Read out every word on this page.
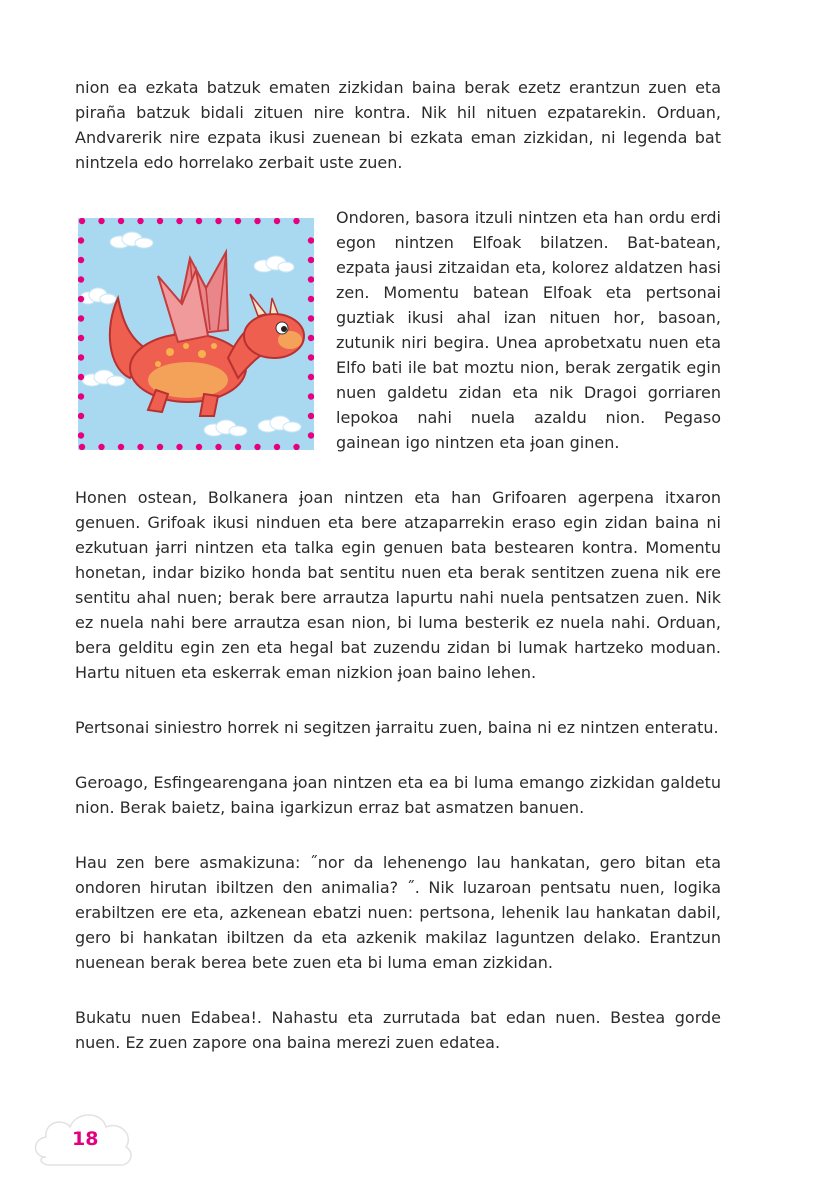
nion ea ezkata batzuk ematen zizkidan baina berak ezetz erantzun zuen eta piraña batzuk bidali zituen nire kontra. Nik hil nituen ezpatarekin. Orduan, Andvarerik nire ezpata ikusi zuenean bi ezkata eman zizkidan, ni legenda bat nintzela edo horrelako zerbait uste zuen.

Ondoren, basora itzuli nintzen eta han ordu erdi egon nintzen Elfoak bilatzen. Bat-batean, ezpata ɉausi zitzaidan eta, kolorez aldatzen hasi zen. Momentu batean Elfoak eta pertsonai guztiak ikusi ahal izan nituen hor, basoan, zutunik niri begira. Unea aprobetxatu nuen eta Elfo bati ile bat moztu nion, berak zergatik egin nuen galdetu zidan eta nik Dragoi gorriaren lepokoa nahi nuela azaldu nion. Pegaso gainean igo nintzen eta ɉoan ginen.

Honen ostean, Bolkanera ɉoan nintzen eta han Grifoaren agerpena itxaron genuen. Grifoak ikusi ninduen eta bere atzaparrekin eraso egin zidan baina ni ezkutuan ɉarri nintzen eta talka egin genuen bata bestearen kontra. Momentu honetan, indar biziko honda bat sentitu nuen eta berak sentitzen zuena nik ere sentitu ahal nuen; berak bere arrautza lapurtu nahi nuela pentsatzen zuen. Nik ez nuela nahi bere arrautza esan nion, bi luma besterik ez nuela nahi. Orduan, bera gelditu egin zen eta hegal bat zuzendu zidan bi lumak hartzeko moduan. Hartu nituen eta eskerrak eman nizkion ɉoan baino lehen.

Pertsonai siniestro horrek ni segitzen ɉarraitu zuen, baina ni ez nintzen enteratu.

Geroago, Esfingearengana ɉoan nintzen eta ea bi luma emango zizkidan galdetu nion. Berak baietz, baina igarkizun erraz bat asmatzen banuen.

Hau zen bere asmakizuna: ˝nor da lehenengo lau hankatan, gero bitan eta ondoren hirutan ibiltzen den animalia? ˝. Nik luzaroan pentsatu nuen, logika erabiltzen ere eta, azkenean ebatzi nuen: pertsona, lehenik lau hankatan dabil, gero bi hankatan ibiltzen da eta azkenik makilaz laguntzen delako. Erantzun nuenean berak berea bete zuen eta bi luma eman zizkidan.

Bukatu nuen Edabea!. Nahastu eta zurrutada bat edan nuen. Bestea gorde nuen. Ez zuen zapore ona baina merezi zuen edatea.

18
